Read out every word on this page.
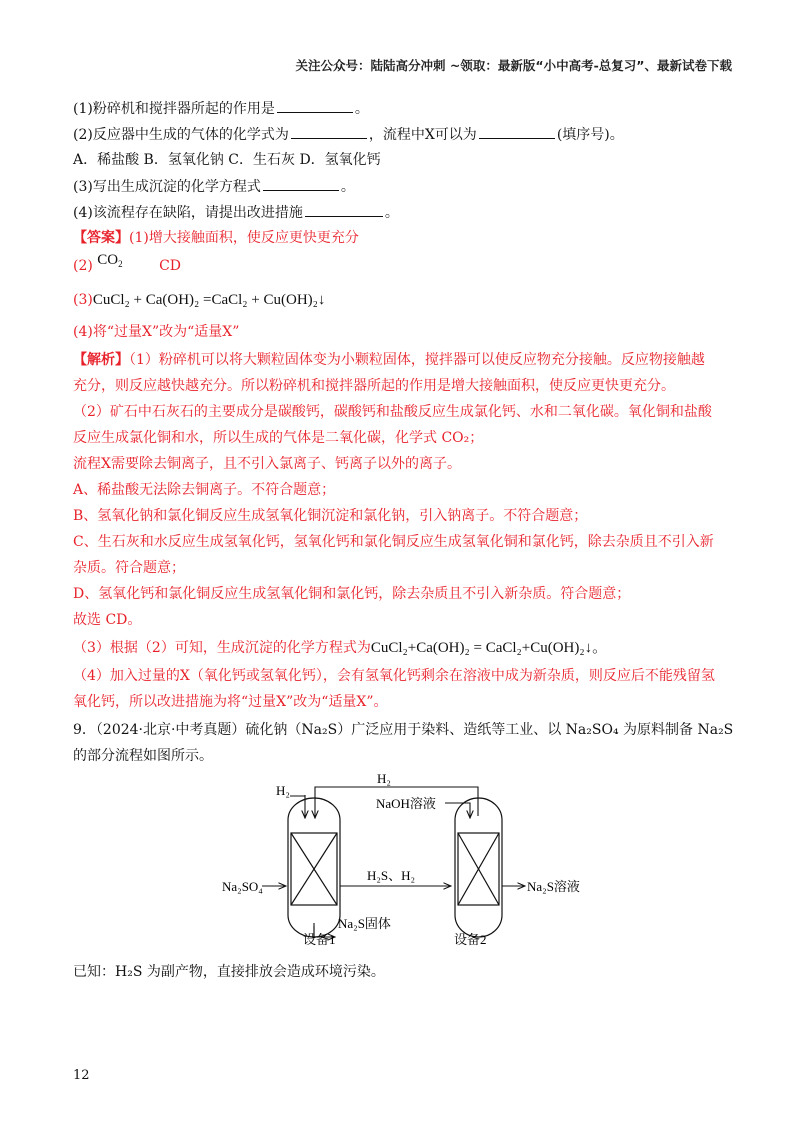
关注公众号：陆陆高分冲刺 ~领取：最新版“小中高考-总复习”、最新试卷下载
(1)粉碎机和搅拌器所起的作用是	。
(2)反应器中生成的气体的化学式为	，流程中X可以为	(填序号)。
A．稀盐酸 B．氢氧化钠 C．生石灰 D．氢氧化钙
(3)写出生成沉淀的化学方程式	。
(4)该流程存在缺陷，请提出改进措施	。
【答案】(1)增大接触面积，使反应更快更充分
(2) $CO_2$	CD
(3)CuCl₂ + Ca(OH)₂ =CaCl₂ + Cu(OH)₂↓
(4)将“过量X”改为“适量X”
【解析】（1）粉碎机可以将大颗粒固体变为小颗粒固体，搅拌器可以使反应物充分接触。反应物接触越
充分，则反应越快越充分。所以粉碎机和搅拌器所起的作用是增大接触面积，使反应更快更充分。
（2）矿石中石灰石的主要成分是碳酸钙，碳酸钙和盐酸反应生成氯化钙、水和二氧化碳。氧化铜和盐酸
反应生成氯化铜和水，所以生成的气体是二氧化碳，化学式 CO₂；
流程X需要除去铜离子，且不引入氯离子、钙离子以外的离子。
A、稀盐酸无法除去铜离子。不符合题意；
B、氢氧化钠和氯化铜反应生成氢氧化铜沉淀和氯化钠，引入钠离子。不符合题意；
C、生石灰和水反应生成氢氧化钙，氢氧化钙和氯化铜反应生成氢氧化铜和氯化钙，除去杂质且不引入新
杂质。符合题意；
D、氢氧化钙和氯化铜反应生成氢氧化铜和氯化钙，除去杂质且不引入新杂质。符合题意；
故选 CD。
（3）根据（2）可知，生成沉淀的化学方程式为CuCl₂+Ca(OH)₂ = CaCl₂+Cu(OH)₂↓。
（4）加入过量的X（氧化钙或氢氧化钙），会有氢氧化钙剩余在溶液中成为新杂质，则反应后不能残留氢
氧化钙，所以改进措施为将“过量X”改为“适量X”。
9．（2024·北京·中考真题）硫化钠（Na₂S）广泛应用于染料、造纸等工业、以 Na₂SO₄ 为原料制备 Na₂S
的部分流程如图所示。
H₂
H₂
NaOH溶液
H₂S、H₂
Na₂SO₄	Na₂S溶液
Na₂S固体
设备1	设备2
已知：H₂S 为副产物，直接排放会造成环境污染。
12
